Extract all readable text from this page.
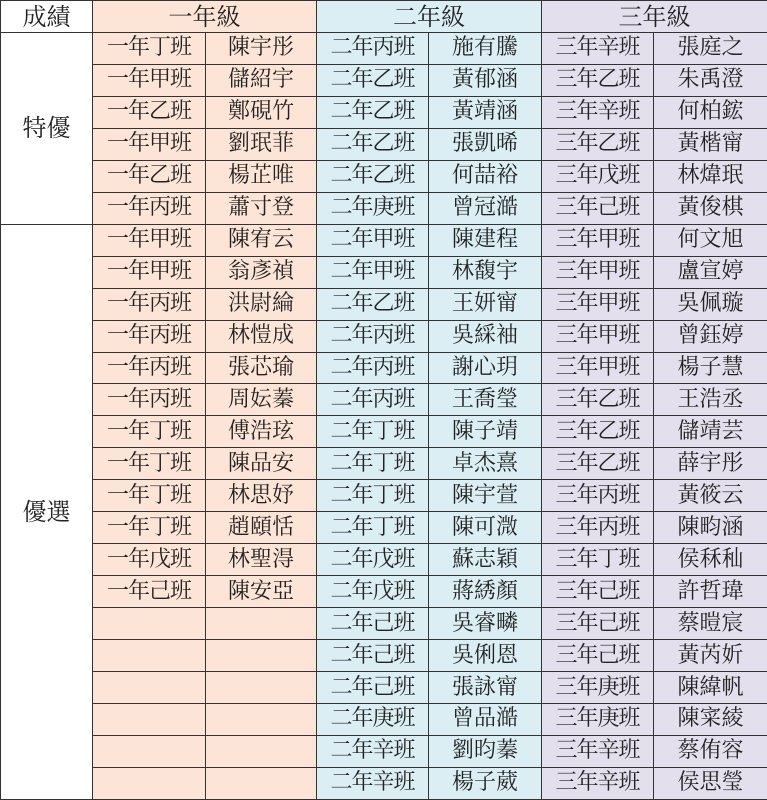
成績	一年級		二年級		三年級	
特優	一年丁班	陳宇彤	二年丙班	施有騰	三年辛班	張庭之
	一年甲班	儲紹宇	二年乙班	黃郁涵	三年乙班	朱禹澄
	一年乙班	鄭硯竹	二年乙班	黃靖涵	三年辛班	何柏鋐
	一年甲班	劉珉菲	二年乙班	張凱晞	三年乙班	黃楷甯
	一年乙班	楊芷唯	二年乙班	何喆裕	三年戊班	林煒珉
	一年丙班	蕭寸登	二年庚班	曾冠澔	三年己班	黃俊棋
優選	一年甲班	陳宥云	二年甲班	陳建程	三年甲班	何文旭
	一年甲班	翁彥禎	二年甲班	林馥宇	三年甲班	盧宣婷
	一年丙班	洪尉綸	二年乙班	王妍甯	三年甲班	吳佩璇
	一年丙班	林愷成	二年丙班	吳綵袖	三年甲班	曾鈺婷
	一年丙班	張芯瑜	二年丙班	謝心玥	三年甲班	楊子慧
	一年丙班	周妘蓁	二年丙班	王喬瑩	三年乙班	王浩丞
	一年丁班	傅浩玹	二年丁班	陳子靖	三年乙班	儲靖芸
	一年丁班	陳品安	二年丁班	卓杰熹	三年乙班	薛宇彤
	一年丁班	林思妤	二年丁班	陳宇萱	三年丙班	黃筱云
	一年丁班	趙頤恬	二年丁班	陳可溦	三年丙班	陳畇涵
	一年戊班	林聖淂	二年戊班	蘇志穎	三年丁班	侯秝秈
	一年己班	陳安亞	二年戊班	蔣綉顏	三年己班	許哲瑋
			二年己班	吳睿疄	三年己班	蔡暟宸
			二年己班	吳俐恩	三年己班	黃芮妡
			二年己班	張詠甯	三年庚班	陳緯帆
			二年庚班	曾品澔	三年庚班	陳寀綾
			二年辛班	劉昀蓁	三年辛班	蔡侑容
			二年辛班	楊子葳	三年辛班	侯思瑩
